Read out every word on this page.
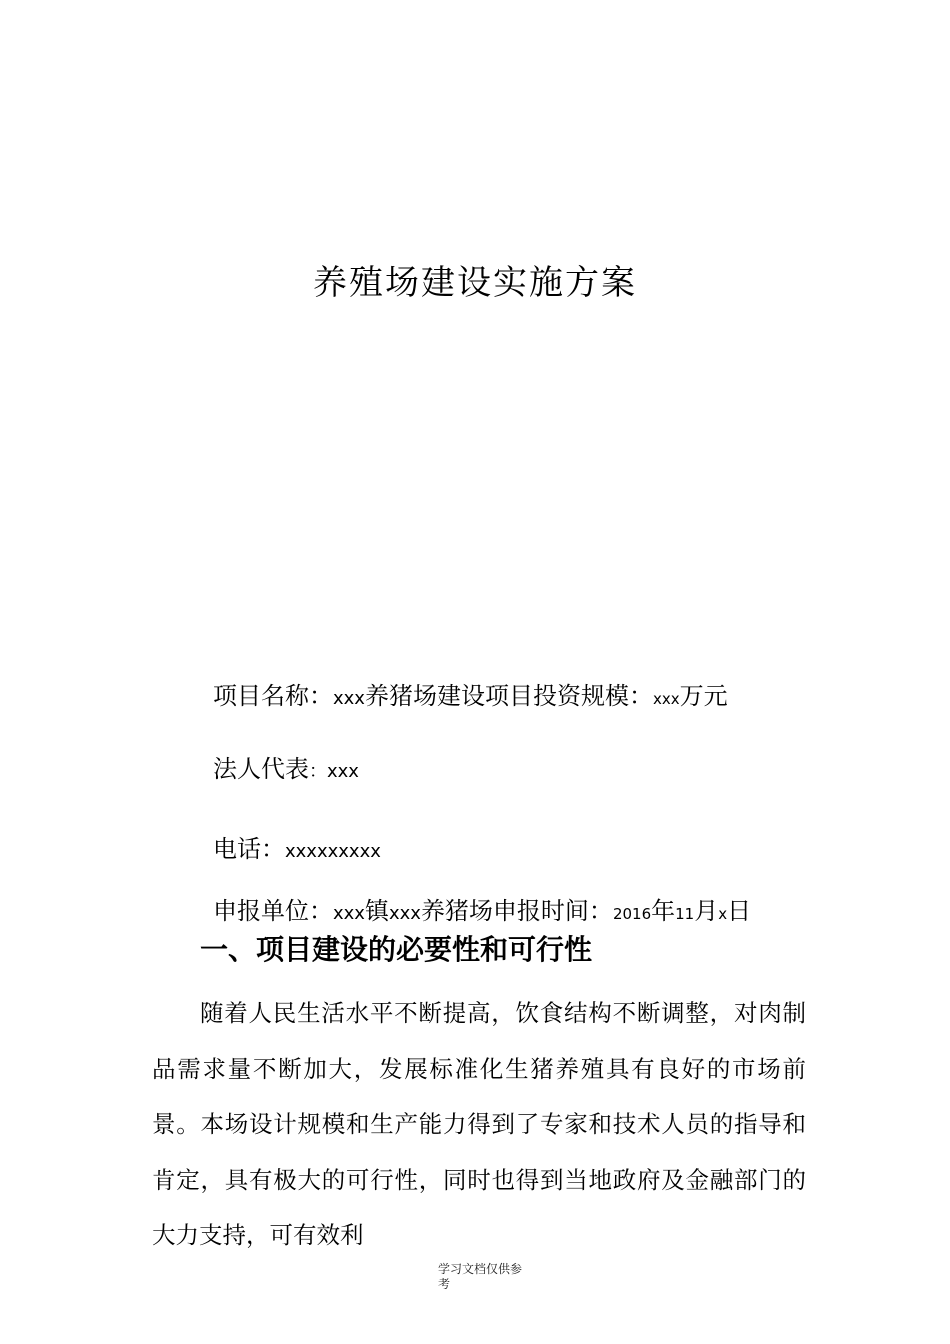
养殖场建设实施方案
项目名称：xxx养猪场建设项目投资规模：xxx万元
法人代表：xxx
电话：xxxxxxxxx
申报单位：xxx镇xxx养猪场申报时间：2016年11月x日
一、项目建设的必要性和可行性

随着人民生活水平不断提高，饮食结构不断调整，对肉制品需求量不断加大，发展标准化生猪养殖具有良好的市场前景。本场设计规模和生产能力得到了专家和技术人员的指导和肯定，具有极大的可行性，同时也得到当地政府及金融部门的大力支持，可有效利

学习文档仅供参
考
